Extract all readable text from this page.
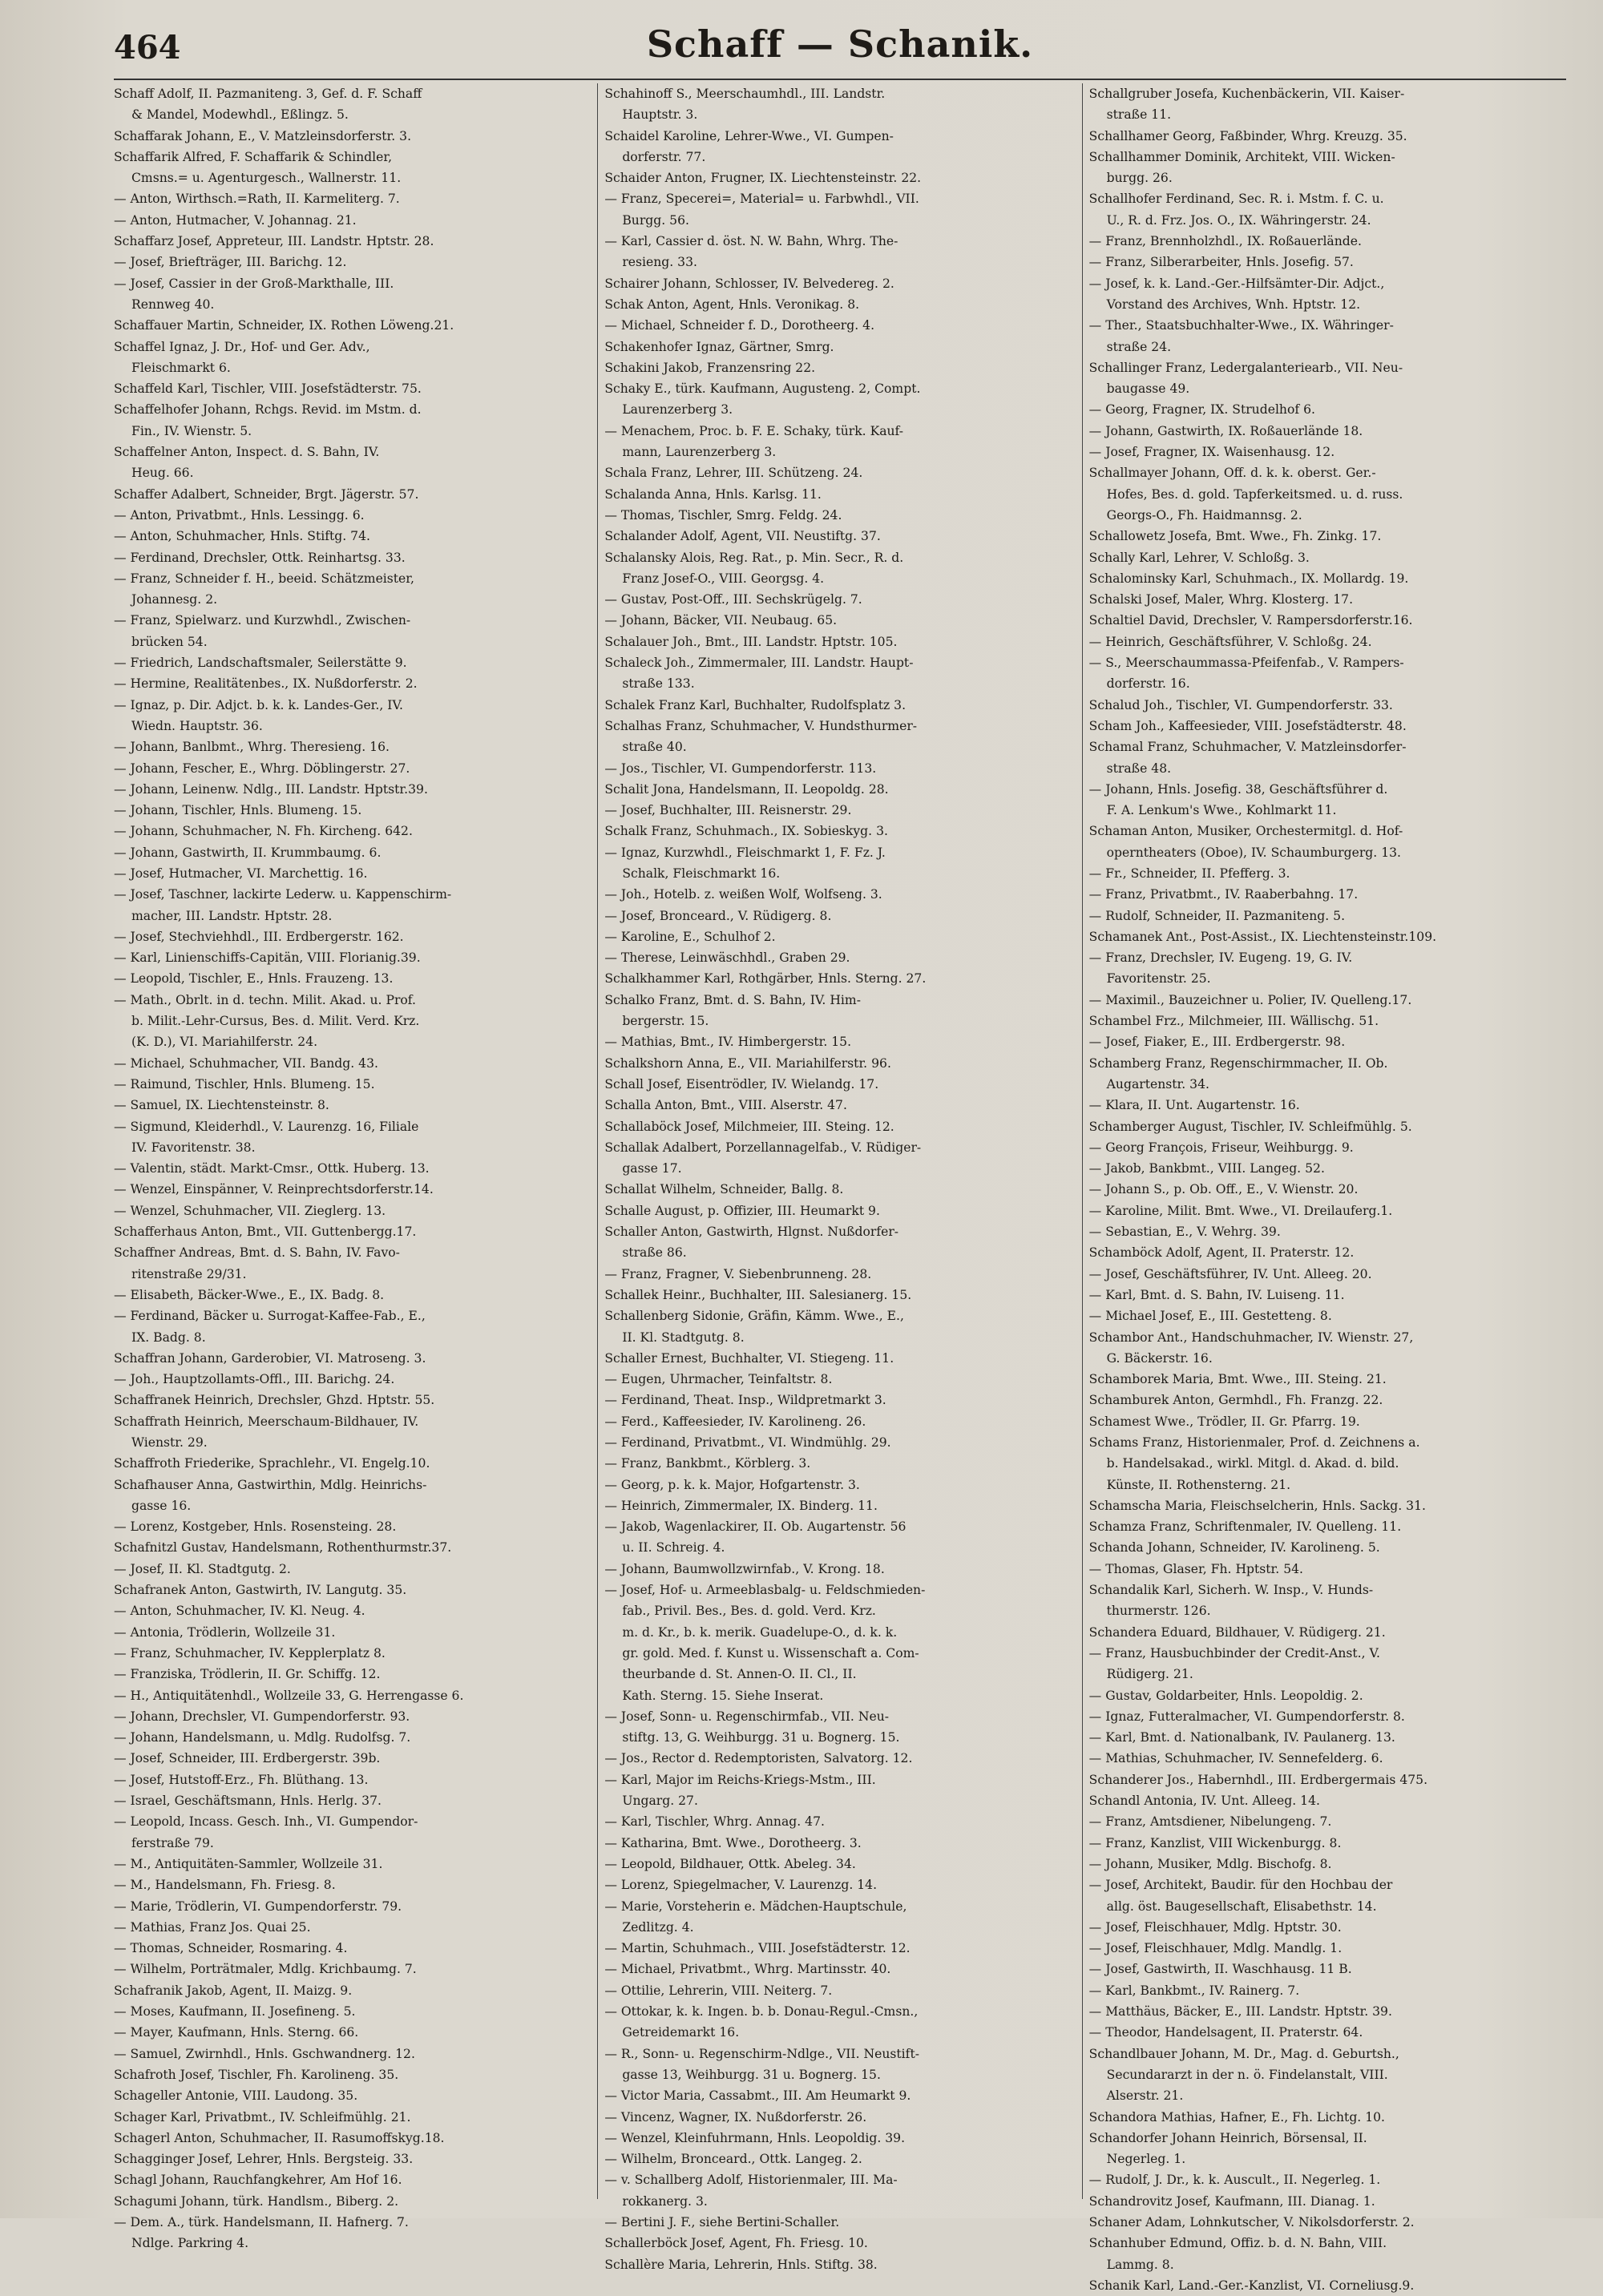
464	Schaff — Schanik.
Schaff Adolf, II. Pazmaniteng. 3, Gef. d. F. Schaff
& Mandel, Modewhdl., Eßlingz. 5.
Schaffarak Johann, E., V. Matzleinsdorferstr. 3.
Schaffarik Alfred, F. Schaffarik & Schindler,
Cmsns.= u. Agenturgesch., Wallnerstr. 11.
— Anton, Wirthsch.=Rath, II. Karmeliterg. 7.
— Anton, Hutmacher, V. Johannag. 21.
Schaffarz Josef, Appreteur, III. Landstr. Hptstr. 28.
— Josef, Briefträger, III. Barichg. 12.
— Josef, Cassier in der Groß-Markthalle, III.
Rennweg 40.
Schaffauer Martin, Schneider, IX. Rothen Löweng.21.
Schaffel Ignaz, J. Dr., Hof- und Ger. Adv.,
Fleischmarkt 6.
Schaffeld Karl, Tischler, VIII. Josefstädterstr. 75.
Schaffelhofer Johann, Rchgs. Revid. im Mstm. d.
Fin., IV. Wienstr. 5.
Schaffelner Anton, Inspect. d. S. Bahn, IV.
Heug. 66.
Schaffer Adalbert, Schneider, Brgt. Jägerstr. 57.
— Anton, Privatbmt., Hnls. Lessingg. 6.
— Anton, Schuhmacher, Hnls. Stiftg. 74.
— Ferdinand, Drechsler, Ottk. Reinhartsg. 33.
— Franz, Schneider f. H., beeid. Schätzmeister,
Johannesg. 2.
— Franz, Spielwarz. und Kurzwhdl., Zwischen-
brücken 54.
— Friedrich, Landschaftsmaler, Seilerstätte 9.
— Hermine, Realitätenbes., IX. Nußdorferstr. 2.
— Ignaz, p. Dir. Adjct. b. k. k. Landes-Ger., IV.
Wiedn. Hauptstr. 36.
— Johann, Banlbmt., Whrg. Theresieng. 16.
— Johann, Fescher, E., Whrg. Döblingerstr. 27.
— Johann, Leinenw. Ndlg., III. Landstr. Hptstr.39.
— Johann, Tischler, Hnls. Blumeng. 15.
— Johann, Schuhmacher, N. Fh. Kircheng. 642.
— Johann, Gastwirth, II. Krummbaumg. 6.
— Josef, Hutmacher, VI. Marchettig. 16.
— Josef, Taschner, lackirte Lederw. u. Kappenschirm-
macher, III. Landstr. Hptstr. 28.
— Josef, Stechviehhdl., III. Erdbergerstr. 162.
— Karl, Linienschiffs-Capitän, VIII. Florianig.39.
— Leopold, Tischler, E., Hnls. Frauzeng. 13.
— Math., Obrlt. in d. techn. Milit. Akad. u. Prof.
b. Milit.-Lehr-Cursus, Bes. d. Milit. Verd. Krz.
(K. D.), VI. Mariahilferstr. 24.
— Michael, Schuhmacher, VII. Bandg. 43.
— Raimund, Tischler, Hnls. Blumeng. 15.
— Samuel, IX. Liechtensteinstr. 8.
— Sigmund, Kleiderhdl., V. Laurenzg. 16, Filiale
IV. Favoritenstr. 38.
— Valentin, städt. Markt-Cmsr., Ottk. Huberg. 13.
— Wenzel, Einspänner, V. Reinprechtsdorferstr.14.
— Wenzel, Schuhmacher, VII. Zieglerg. 13.
Schafferhaus Anton, Bmt., VII. Guttenbergg.17.
Schaffner Andreas, Bmt. d. S. Bahn, IV. Favo-
ritenstraße 29/31.
— Elisabeth, Bäcker-Wwe., E., IX. Badg. 8.
— Ferdinand, Bäcker u. Surrogat-Kaffee-Fab., E.,
IX. Badg. 8.
Schaffran Johann, Garderobier, VI. Matroseng. 3.
— Joh., Hauptzollamts-Offl., III. Barichg. 24.
Schaffranek Heinrich, Drechsler, Ghzd. Hptstr. 55.
Schaffrath Heinrich, Meerschaum-Bildhauer, IV.
Wienstr. 29.
Schaffroth Friederike, Sprachlehr., VI. Engelg.10.
Schafhauser Anna, Gastwirthin, Mdlg. Heinrichs-
gasse 16.
— Lorenz, Kostgeber, Hnls. Rosensteing. 28.
Schafnitzl Gustav, Handelsmann, Rothenthurmstr.37.
— Josef, II. Kl. Stadtgutg. 2.
Schafranek Anton, Gastwirth, IV. Langutg. 35.
— Anton, Schuhmacher, IV. Kl. Neug. 4.
— Antonia, Trödlerin, Wollzeile 31.
— Franz, Schuhmacher, IV. Kepplerplatz 8.
— Franziska, Trödlerin, II. Gr. Schiffg. 12.
— H., Antiquitätenhdl., Wollzeile 33, G. Herrengasse 6.
— Johann, Drechsler, VI. Gumpendorferstr. 93.
— Johann, Handelsmann, u. Mdlg. Rudolfsg. 7.
— Josef, Schneider, III. Erdbergerstr. 39b.
— Josef, Hutstoff-Erz., Fh. Blüthang. 13.
— Israel, Geschäftsmann, Hnls. Herlg. 37.
— Leopold, Incass. Gesch. Inh., VI. Gumpendor-
ferstraße 79.
— M., Antiquitäten-Sammler, Wollzeile 31.
— M., Handelsmann, Fh. Friesg. 8.
— Marie, Trödlerin, VI. Gumpendorferstr. 79.
— Mathias, Franz Jos. Quai 25.
— Thomas, Schneider, Rosmaring. 4.
— Wilhelm, Porträtmaler, Mdlg. Krichbaumg. 7.
Schafranik Jakob, Agent, II. Maizg. 9.
— Moses, Kaufmann, II. Josefineng. 5.
— Mayer, Kaufmann, Hnls. Sterng. 66.
— Samuel, Zwirnhdl., Hnls. Gschwandnerg. 12.
Schafroth Josef, Tischler, Fh. Karolineng. 35.
Schageller Antonie, VIII. Laudong. 35.
Schager Karl, Privatbmt., IV. Schleifmühlg. 21.
Schagerl Anton, Schuhmacher, II. Rasumoffskyg.18.
Schagginger Josef, Lehrer, Hnls. Bergsteig. 33.
Schagl Johann, Rauchfangkehrer, Am Hof 16.
Schagumi Johann, türk. Handlsm., Biberg. 2.
— Dem. A., türk. Handelsmann, II. Hafnerg. 7.
Ndlge. Parkring 4.
Schahinoff S., Meerschaumhdl., III. Landstr.
Hauptstr. 3.
Schaidel Karoline, Lehrer-Wwe., VI. Gumpen-
dorferstr. 77.
Schaider Anton, Frugner, IX. Liechtensteinstr. 22.
— Franz, Specerei=, Material= u. Farbwhdl., VII.
Burgg. 56.
— Karl, Cassier d. öst. N. W. Bahn, Whrg. The-
resieng. 33.
Schairer Johann, Schlosser, IV. Belvedereg. 2.
Schak Anton, Agent, Hnls. Veronikag. 8.
— Michael, Schneider f. D., Dorotheerg. 4.
Schakenhofer Ignaz, Gärtner, Smrg.
Schakini Jakob, Franzensring 22.
Schaky E., türk. Kaufmann, Augusteng. 2, Compt.
Laurenzerberg 3.
— Menachem, Proc. b. F. E. Schaky, türk. Kauf-
mann, Laurenzerberg 3.
Schala Franz, Lehrer, III. Schützeng. 24.
Schalanda Anna, Hnls. Karlsg. 11.
— Thomas, Tischler, Smrg. Feldg. 24.
Schalander Adolf, Agent, VII. Neustiftg. 37.
Schalansky Alois, Reg. Rat., p. Min. Secr., R. d.
Franz Josef-O., VIII. Georgsg. 4.
— Gustav, Post-Off., III. Sechskrügelg. 7.
— Johann, Bäcker, VII. Neubaug. 65.
Schalauer Joh., Bmt., III. Landstr. Hptstr. 105.
Schaleck Joh., Zimmermaler, III. Landstr. Haupt-
straße 133.
Schalek Franz Karl, Buchhalter, Rudolfsplatz 3.
Schalhas Franz, Schuhmacher, V. Hundsthurmer-
straße 40.
— Jos., Tischler, VI. Gumpendorferstr. 113.
Schalit Jona, Handelsmann, II. Leopoldg. 28.
— Josef, Buchhalter, III. Reisnerstr. 29.
Schalk Franz, Schuhmach., IX. Sobieskyg. 3.
— Ignaz, Kurzwhdl., Fleischmarkt 1, F. Fz. J.
Schalk, Fleischmarkt 16.
— Joh., Hotelb. z. weißen Wolf, Wolfseng. 3.
— Josef, Bronceard., V. Rüdigerg. 8.
— Karoline, E., Schulhof 2.
— Therese, Leinwäschhdl., Graben 29.
Schalkhammer Karl, Rothgärber, Hnls. Sterng. 27.
Schalko Franz, Bmt. d. S. Bahn, IV. Him-
bergerstr. 15.
— Mathias, Bmt., IV. Himbergerstr. 15.
Schalkshorn Anna, E., VII. Mariahilferstr. 96.
Schall Josef, Eisentrödler, IV. Wielandg. 17.
Schalla Anton, Bmt., VIII. Alserstr. 47.
Schallaböck Josef, Milchmeier, III. Steing. 12.
Schallak Adalbert, Porzellannagelfab., V. Rüdiger-
gasse 17.
Schallat Wilhelm, Schneider, Ballg. 8.
Schalle August, p. Offizier, III. Heumarkt 9.
Schaller Anton, Gastwirth, Hlgnst. Nußdorfer-
straße 86.
— Franz, Fragner, V. Siebenbrunneng. 28.
Schallek Heinr., Buchhalter, III. Salesianerg. 15.
Schallenberg Sidonie, Gräfin, Kämm. Wwe., E.,
II. Kl. Stadtgutg. 8.
Schaller Ernest, Buchhalter, VI. Stiegeng. 11.
— Eugen, Uhrmacher, Teinfaltstr. 8.
— Ferdinand, Theat. Insp., Wildpretmarkt 3.
— Ferd., Kaffeesieder, IV. Karolineng. 26.
— Ferdinand, Privatbmt., VI. Windmühlg. 29.
— Franz, Bankbmt., Körblerg. 3.
— Georg, p. k. k. Major, Hofgartenstr. 3.
— Heinrich, Zimmermaler, IX. Binderg. 11.
— Jakob, Wagenlackirer, II. Ob. Augartenstr. 56
u. II. Schreig. 4.
— Johann, Baumwollzwirnfab., V. Krong. 18.
— Josef, Hof- u. Armeeblasbalg- u. Feldschmieden-
fab., Privil. Bes., Bes. d. gold. Verd. Krz.
m. d. Kr., b. k. merik. Guadelupe-O., d. k. k.
gr. gold. Med. f. Kunst u. Wissenschaft a. Com-
theurbande d. St. Annen-O. II. Cl., II.
Kath. Sterng. 15. Siehe Inserat.
— Josef, Sonn- u. Regenschirmfab., VII. Neu-
stiftg. 13, G. Weihburgg. 31 u. Bognerg. 15.
— Jos., Rector d. Redemptoristen, Salvatorg. 12.
— Karl, Major im Reichs-Kriegs-Mstm., III.
Ungarg. 27.
— Karl, Tischler, Whrg. Annag. 47.
— Katharina, Bmt. Wwe., Dorotheerg. 3.
— Leopold, Bildhauer, Ottk. Abeleg. 34.
— Lorenz, Spiegelmacher, V. Laurenzg. 14.
— Marie, Vorsteherin e. Mädchen-Hauptschule,
Zedlitzg. 4.
— Martin, Schuhmach., VIII. Josefstädterstr. 12.
— Michael, Privatbmt., Whrg. Martinsstr. 40.
— Ottilie, Lehrerin, VIII. Neiterg. 7.
— Ottokar, k. k. Ingen. b. b. Donau-Regul.-Cmsn.,
Getreidemarkt 16.
— R., Sonn- u. Regenschirm-Ndlge., VII. Neustift-
gasse 13, Weihburgg. 31 u. Bognerg. 15.
— Victor Maria, Cassabmt., III. Am Heumarkt 9.
— Vincenz, Wagner, IX. Nußdorferstr. 26.
— Wenzel, Kleinfuhrmann, Hnls. Leopoldig. 39.
— Wilhelm, Bronceard., Ottk. Langeg. 2.
— v. Schallberg Adolf, Historienmaler, III. Ma-
rokkanerg. 3.
— Bertini J. F., siehe Bertini-Schaller.
Schallerböck Josef, Agent, Fh. Friesg. 10.
Schallère Maria, Lehrerin, Hnls. Stiftg. 38.
Schallgruber Josefa, Kuchenbäckerin, VII. Kaiser-
straße 11.
Schallhamer Georg, Faßbinder, Whrg. Kreuzg. 35.
Schallhammer Dominik, Architekt, VIII. Wicken-
burgg. 26.
Schallhofer Ferdinand, Sec. R. i. Mstm. f. C. u.
U., R. d. Frz. Jos. O., IX. Währingerstr. 24.
— Franz, Brennholzhdl., IX. Roßauerlände.
— Franz, Silberarbeiter, Hnls. Josefig. 57.
— Josef, k. k. Land.-Ger.-Hilfsämter-Dir. Adjct.,
Vorstand des Archives, Wnh. Hptstr. 12.
— Ther., Staatsbuchhalter-Wwe., IX. Währinger-
straße 24.
Schallinger Franz, Ledergalanteriearb., VII. Neu-
baugasse 49.
— Georg, Fragner, IX. Strudelhof 6.
— Johann, Gastwirth, IX. Roßauerlände 18.
— Josef, Fragner, IX. Waisenhausg. 12.
Schallmayer Johann, Off. d. k. k. oberst. Ger.-
Hofes, Bes. d. gold. Tapferkeitsmed. u. d. russ.
Georgs-O., Fh. Haidmannsg. 2.
Schallowetz Josefa, Bmt. Wwe., Fh. Zinkg. 17.
Schally Karl, Lehrer, V. Schloßg. 3.
Schalominsky Karl, Schuhmach., IX. Mollardg. 19.
Schalski Josef, Maler, Whrg. Klosterg. 17.
Schaltiel David, Drechsler, V. Rampersdorferstr.16.
— Heinrich, Geschäftsführer, V. Schloßg. 24.
— S., Meerschaummassa-Pfeifenfab., V. Rampers-
dorferstr. 16.
Schalud Joh., Tischler, VI. Gumpendorferstr. 33.
Scham Joh., Kaffeesieder, VIII. Josefstädterstr. 48.
Schamal Franz, Schuhmacher, V. Matzleinsdorfer-
straße 48.
— Johann, Hnls. Josefig. 38, Geschäftsführer d.
F. A. Lenkum's Wwe., Kohlmarkt 11.
Schaman Anton, Musiker, Orchestermitgl. d. Hof-
operntheaters (Oboe), IV. Schaumburgerg. 13.
— Fr., Schneider, II. Pfefferg. 3.
— Franz, Privatbmt., IV. Raaberbahng. 17.
— Rudolf, Schneider, II. Pazmaniteng. 5.
Schamanek Ant., Post-Assist., IX. Liechtensteinstr.109.
— Franz, Drechsler, IV. Eugeng. 19, G. IV.
Favoritenstr. 25.
— Maximil., Bauzeichner u. Polier, IV. Quelleng.17.
Schambel Frz., Milchmeier, III. Wällischg. 51.
— Josef, Fiaker, E., III. Erdbergerstr. 98.
Schamberg Franz, Regenschirmmacher, II. Ob.
Augartenstr. 34.
— Klara, II. Unt. Augartenstr. 16.
Schamberger August, Tischler, IV. Schleifmühlg. 5.
— Georg François, Friseur, Weihburgg. 9.
— Jakob, Bankbmt., VIII. Langeg. 52.
— Johann S., p. Ob. Off., E., V. Wienstr. 20.
— Karoline, Milit. Bmt. Wwe., VI. Dreilauferg.1.
— Sebastian, E., V. Wehrg. 39.
Schamböck Adolf, Agent, II. Praterstr. 12.
— Josef, Geschäftsführer, IV. Unt. Alleeg. 20.
— Karl, Bmt. d. S. Bahn, IV. Luiseng. 11.
— Michael Josef, E., III. Gestetteng. 8.
Schambor Ant., Handschuhmacher, IV. Wienstr. 27,
G. Bäckerstr. 16.
Schamborek Maria, Bmt. Wwe., III. Steing. 21.
Schamburek Anton, Germhdl., Fh. Franzg. 22.
Schamest Wwe., Trödler, II. Gr. Pfarrg. 19.
Schams Franz, Historienmaler, Prof. d. Zeichnens a.
b. Handelsakad., wirkl. Mitgl. d. Akad. d. bild.
Künste, II. Rothensterng. 21.
Schamscha Maria, Fleischselcherin, Hnls. Sackg. 31.
Schamza Franz, Schriftenmaler, IV. Quelleng. 11.
Schanda Johann, Schneider, IV. Karolineng. 5.
— Thomas, Glaser, Fh. Hptstr. 54.
Schandalik Karl, Sicherh. W. Insp., V. Hunds-
thurmerstr. 126.
Schandera Eduard, Bildhauer, V. Rüdigerg. 21.
— Franz, Hausbuchbinder der Credit-Anst., V.
Rüdigerg. 21.
— Gustav, Goldarbeiter, Hnls. Leopoldig. 2.
— Ignaz, Futteralmacher, VI. Gumpendorferstr. 8.
— Karl, Bmt. d. Nationalbank, IV. Paulanerg. 13.
— Mathias, Schuhmacher, IV. Sennefelderg. 6.
Schanderer Jos., Habernhdl., III. Erdbergermais 475.
Schandl Antonia, IV. Unt. Alleeg. 14.
— Franz, Amtsdiener, Nibelungeng. 7.
— Franz, Kanzlist, VIII Wickenburgg. 8.
— Johann, Musiker, Mdlg. Bischofg. 8.
— Josef, Architekt, Baudir. für den Hochbau der
allg. öst. Baugesellschaft, Elisabethstr. 14.
— Josef, Fleischhauer, Mdlg. Hptstr. 30.
— Josef, Fleischhauer, Mdlg. Mandlg. 1.
— Josef, Gastwirth, II. Waschhausg. 11 B.
— Karl, Bankbmt., IV. Rainerg. 7.
— Matthäus, Bäcker, E., III. Landstr. Hptstr. 39.
— Theodor, Handelsagent, II. Praterstr. 64.
Schandlbauer Johann, M. Dr., Mag. d. Geburtsh.,
Secundararzt in der n. ö. Findelanstalt, VIII.
Alserstr. 21.
Schandora Mathias, Hafner, E., Fh. Lichtg. 10.
Schandorfer Johann Heinrich, Börsensal, II.
Negerleg. 1.
— Rudolf, J. Dr., k. k. Auscult., II. Negerleg. 1.
Schandrovitz Josef, Kaufmann, III. Dianag. 1.
Schaner Adam, Lohnkutscher, V. Nikolsdorferstr. 2.
Schanhuber Edmund, Offiz. b. d. N. Bahn, VIII.
Lammg. 8.
Schanik Karl, Land.-Ger.-Kanzlist, VI. Corneliusg.9.
